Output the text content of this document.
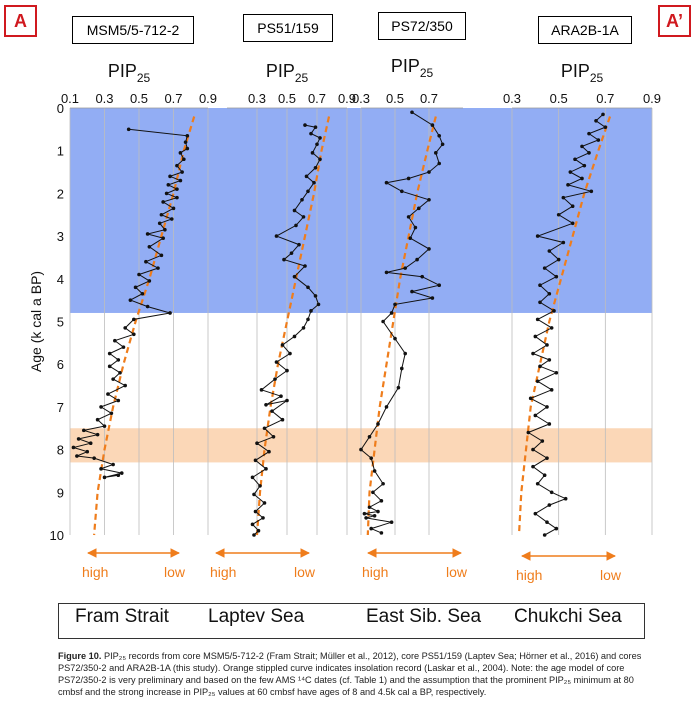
A	A’
MSM5/5-712-2	PS51/159	PS72/350	ARA2B-1A
0.1 0.3 0.5 0.7 0.9
$PIP_{25}$
0.3 0.5 0.7 0.9
$PIP_{25}$
0.3 0.5 0.7
$PIP_{25}$
0.3 0.5 0.7 0.9
$PIP_{25}$
0
1
2
3
4
5
6
7
8
9
10
Age (k cal a BP)
high	low high	low	high	low	high	low
Fram Strait Laptev Sea	East Sib. Sea Chukchi Sea
Figure 10. PIP₂₅ records from core MSM5/5-712-2 (Fram Strait; Müller et al., 2012), core PS51/159 (Laptev Sea; Hörner et al., 2016) and cores PS72/350-2 and ARA2B-1A (this study). Orange stippled curve indicates insolation record (Laskar et al., 2004). Note: the age model of core PS72/350-2 is very preliminary and based on the few AMS ¹⁴C dates (cf. Table 1) and the assumption that the prominent PIP₂₅ minimum at 80 cmbsf and the strong increase in PIP₂₅ values at 60 cmbsf have ages of 8 and 4.5k cal a BP, respectively.
